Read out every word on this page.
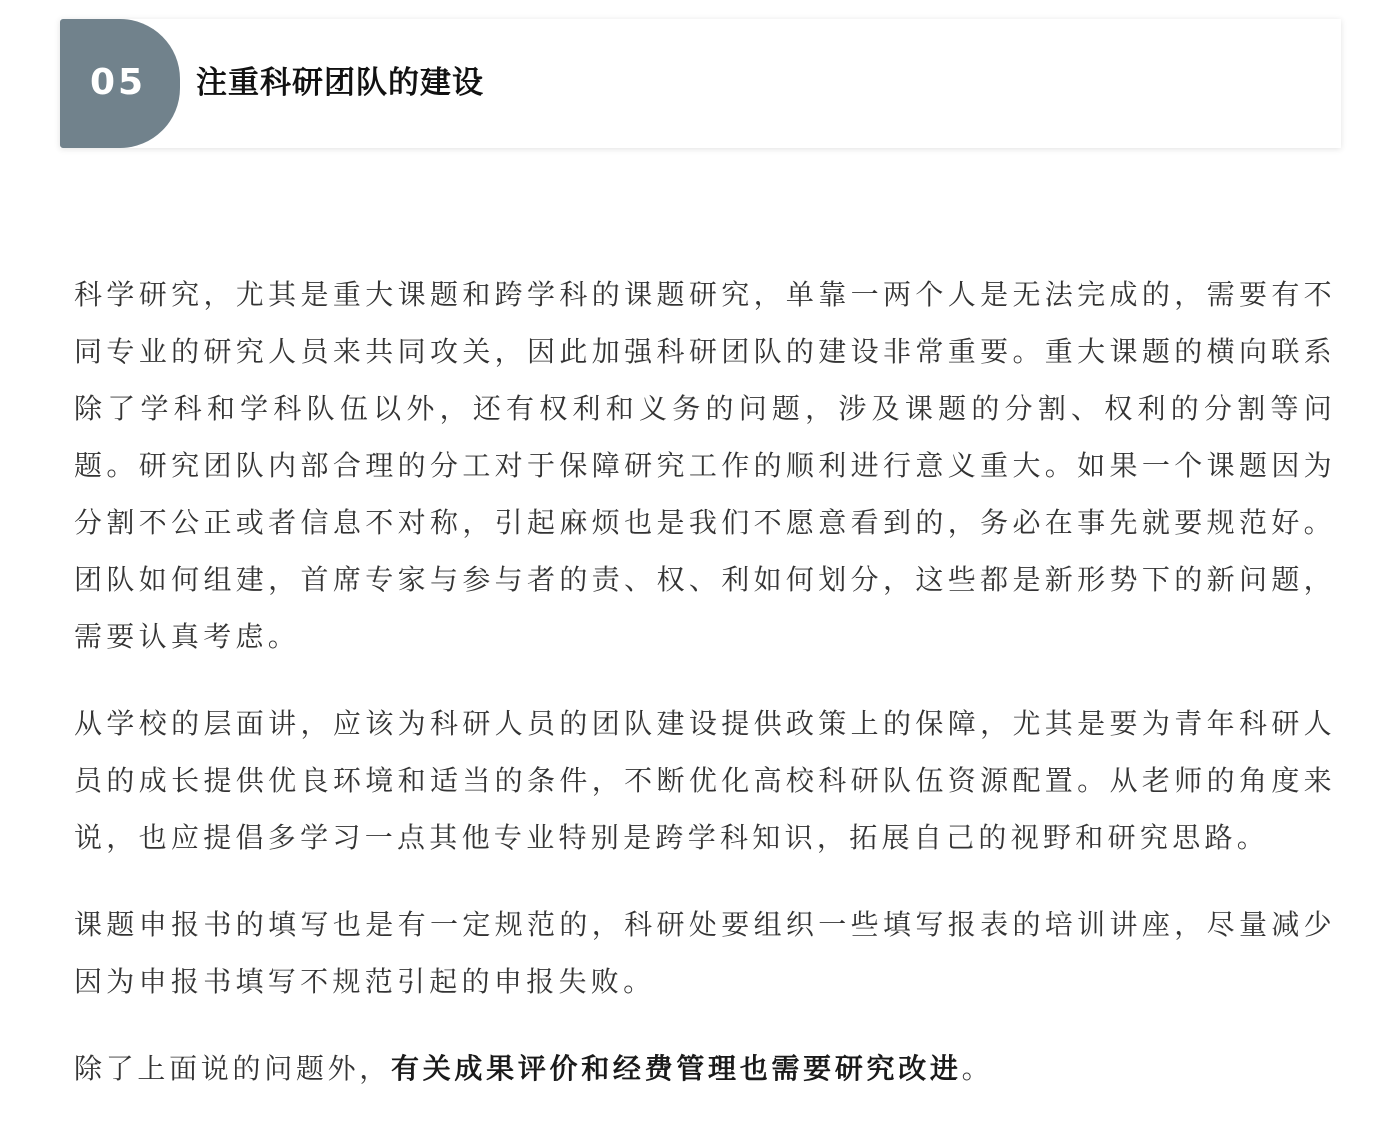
05 注重科研团队的建设

科学研究，尤其是重大课题和跨学科的课题研究，单靠一两个人是无法完成的，需要有不同专业的研究人员来共同攻关，因此加强科研团队的建设非常重要。重大课题的横向联系除了学科和学科队伍以外，还有权利和义务的问题，涉及课题的分割、权利的分割等问题。研究团队内部合理的分工对于保障研究工作的顺利进行意义重大。如果一个课题因为分割不公正或者信息不对称，引起麻烦也是我们不愿意看到的，务必在事先就要规范好。团队如何组建，首席专家与参与者的责、权、利如何划分，这些都是新形势下的新问题，需要认真考虑。

从学校的层面讲，应该为科研人员的团队建设提供政策上的保障，尤其是要为青年科研人员的成长提供优良环境和适当的条件，不断优化高校科研队伍资源配置。从老师的角度来说，也应提倡多学习一点其他专业特别是跨学科知识，拓展自己的视野和研究思路。

课题申报书的填写也是有一定规范的，科研处要组织一些填写报表的培训讲座，尽量减少因为申报书填写不规范引起的申报失败。

除了上面说的问题外，有关成果评价和经费管理也需要研究改进。
